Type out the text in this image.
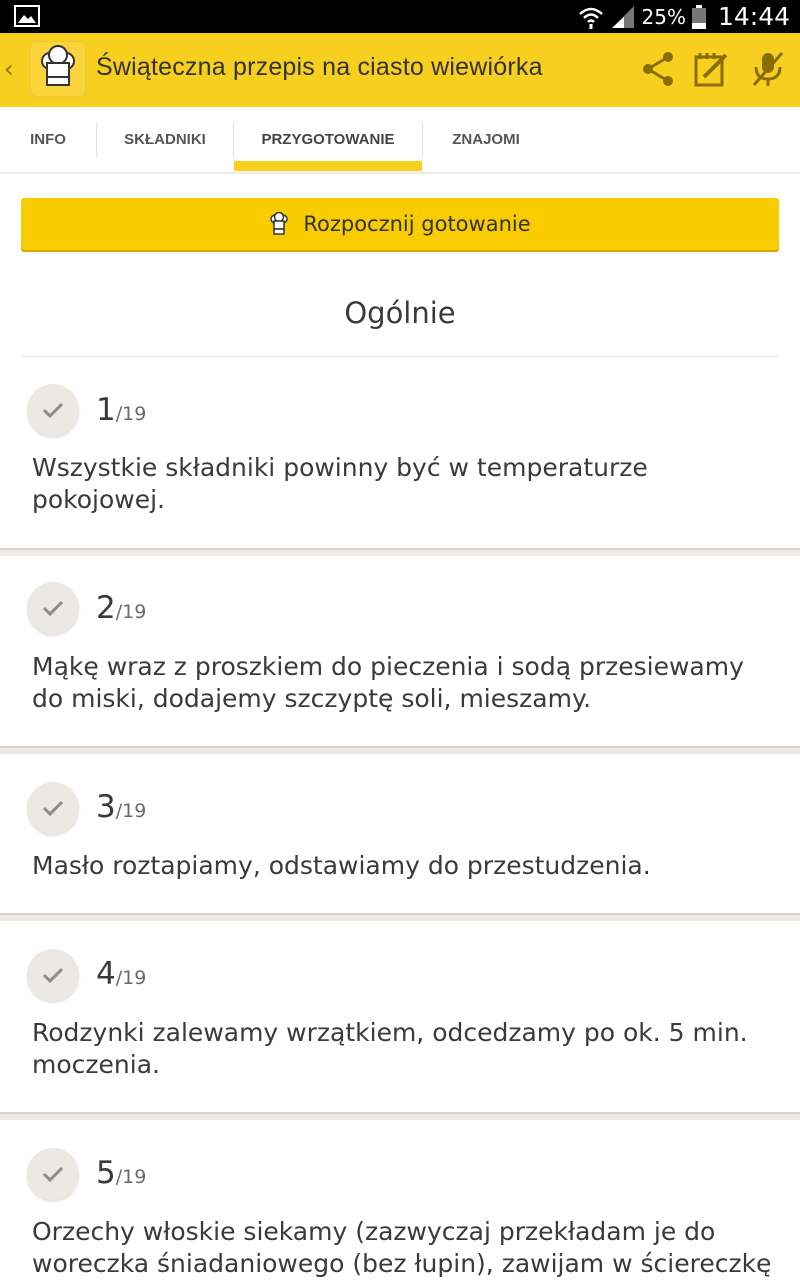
25% 14:44
‹	Świąteczna przepis na ciasto wiewiórka
INFO	SKŁADNIKI	PRZYGOTOWANIE	ZNAJOMI
Rozpocznij gotowanie
Ogólnie
1/19
Wszystkie składniki powinny być w temperaturze pokojowej.
2/19
Mąkę wraz z proszkiem do pieczenia i sodą przesiewamy do miski, dodajemy szczyptę soli, mieszamy.
3/19
Masło roztapiamy, odstawiamy do przestudzenia.
4/19
Rodzynki zalewamy wrzątkiem, odcedzamy po ok. 5 min. moczenia.
5/19
Orzechy włoskie siekamy (zazwyczaj przekładam je do woreczka śniadaniowego (bez łupin), zawijam w ściereczkę
